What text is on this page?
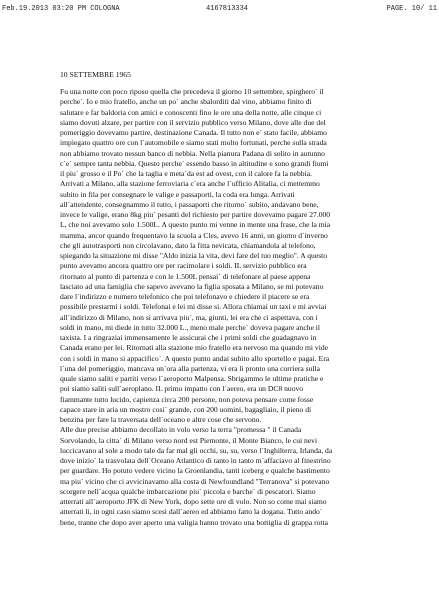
Feb.19.2013 03:20 PM COLOGNA	4167813334	PAGE. 10/ 11
10 SETTEMBRE 1965

Fu una notte con poco riposo quella che precedeva il giorno 10 settembre, spirghero` il

perche`. Io e mio fratello, anche un po` anche sbalorditi dal vino, abbiamo finito di

salutare e far baldoria con amici e conoscenti fino le ore una della notte, alle cinque ci

siamo dovuti alzare, per partire con il servizio pubblico verso Milano, dove alle due del

pomeriggio dovevamo partire, destinazione Canada. Il tutto non e` stato facile, abbiamo

impiegato quattro ore con l`automobile e siamo stati molto fortunati, perche sulla strada

non abbiamo trovato nessun banco di nebbia. Nella pianura Padana di solito in autunno

c`e` sempre tanta nebbia. Questo perche` essendo basso in altitudine e sono grandi fiumi

il piu` grosso e il Po` che la taglia e meta`da est ad ovest, con il calore fa la nebbia.

Arrivati a Milano, alla stazione ferroviaria c`era anche l`ufficio Alitalia, ci mettemmo

subito in fila per consegnare le valige e passaporti, la coda era lunga. Arrivati

all`attendente, consegnammo il tutto, i passaporti che ritorno` subito, andavano bene,

invece le valige, erano 8kg piu` pesanti del richiesto per partire dovevamo pagare 27.000

L, che noi avevamo solo 1.500L. A questo punto mi venne in mente una frase, che la mia

mamma, ancor quando frequentavo la scuola a Cles, avevo 16 anni, un giorno d`inverno

che gli autotrasporti non circolavano, dato la fitta nevicata, chiamandola al telefono,

spiegando la situazione mi disse "Aldo inizia la vita, devi fare del tuo meglio". A questo

punto avevamo ancora quattro ore per racimolare i soldi. IL servizio pubblico era

ritornato al punto di partenza e con le 1.500L pensai` di telefonare al paese appena

lasciato ad una famiglia che sapevo avevano la figlia sposata a Milano, se mi potevano

dare l`indirizzo e numero telefonico che poi telefonavo e chiedere il piacere se era

possibile prestarmi i soldi. Telefonai e lei mi disse si. Allora chiamai un taxi e mi avviai

all`indirizzo di Milano, non si arrivava piu`, ma, giunti, lei era che ci aspettava, con i

soldi in mano, mi diede in tutto 32.000 L., meno male perche` doveva pagare anche il

taxista. I a ringraziai immensamente le assicurai che i primi soldi che guadagnavo in

Canada erano per lei. Ritornati alla stazione mio fratello era nervoso ma quando mi vide

con i soldi in mano si appacifico`. A questo punto andai subito allo sportello e pagai. Era

l`una del pomeriggio, mancava un`ora alla partenza, vi era li pronto una corriera sulla

quale siamo saliti e partiti verso l`aeroporto Malpensa. Sbrigammo le ultime pratiche e

poi siamo saliti sull`aeroplano. IL primo impatto con l`aereo, era un DC8 nuovo

fiammante tutto lucido, capienza circa 200 persone, non poteva pensare come fosse

capace stare in aria un mostro cosi` grande, con 200 uomini, bagagliaio, il pieno di

benzina per fare la traversata dell`oceano e altre cose che servono.

Alle due precise abbiamo decollato in volo verso la terra "promessa " il Canada

Sorvolando, la citta` di Milano verso nord est Piemonte, il Monte Bianco, le cui nevi

luccicavano al sole a modo tale da far mal gli occhi, su, su, verso l`Inghilterra, Irlanda, da

dove inizio` la trasvolata dell`Oceano Atlantico di tanto in tanto m`affaciavo al finestrino

per guardare. Ho potuto vedere vicino la Groenlandia, tanti iceberg e qualche bastimento

ma piu` vicino che ci avvicinavamo alla costa di Newfoundland "Terranova" si potevano

scorgere nell`acqua qualche imbarcazione piu` piccola e barche` di pescatori. Siamo

atterrati all`aeroporto JFK di New York, dopo sette ore di volo. Non so come mai siamo

atterrati li, in ogni caso siamo scesi dall`aereo ed abbiamo fatto la dogana. Tutto ando`

bene, tranne che dopo aver aperto una valigia hanno trovato una bottiglia di grappa rotta
